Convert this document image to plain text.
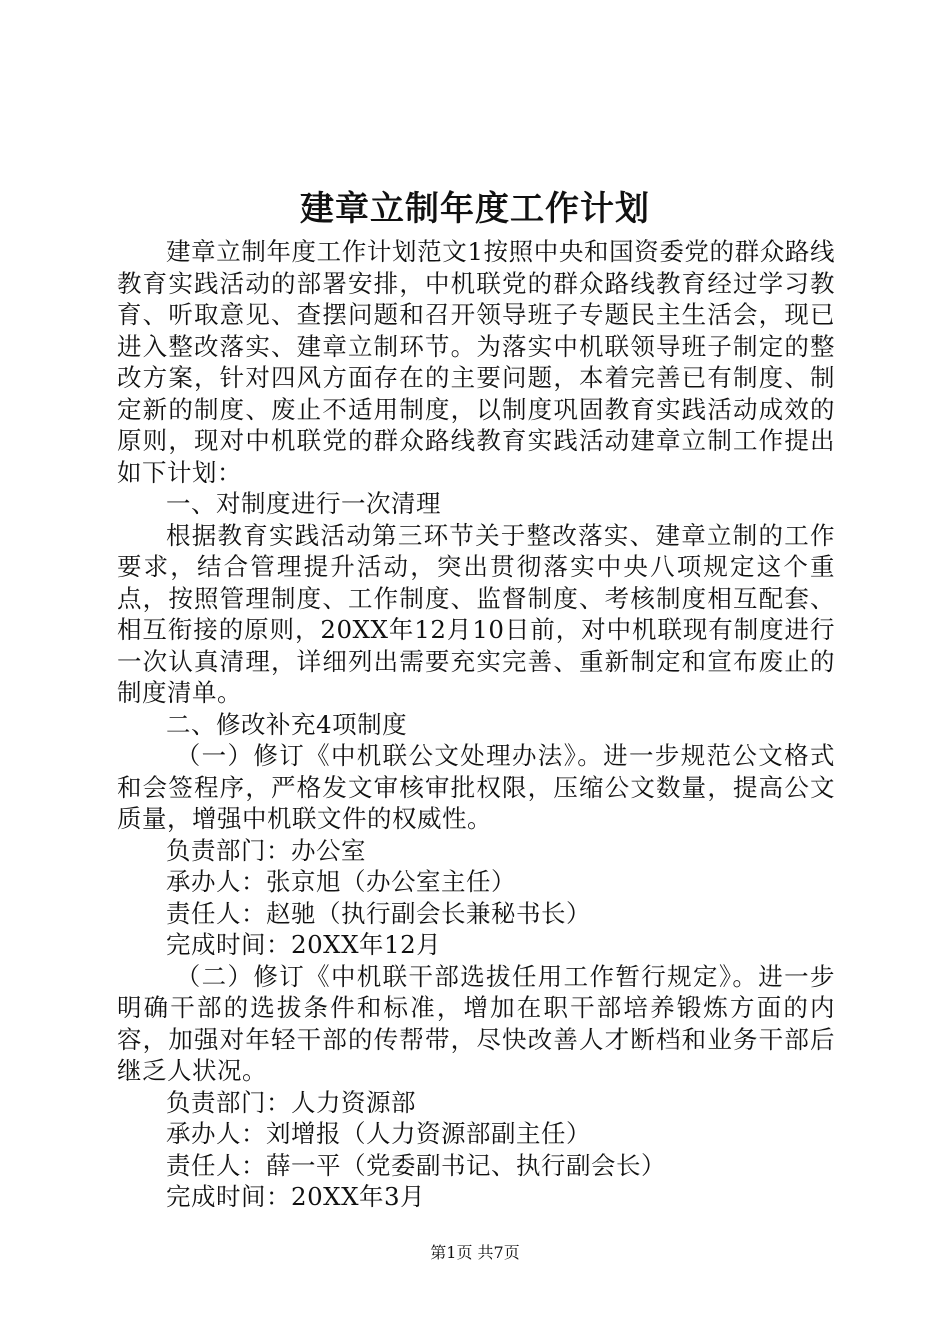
建章立制年度工作计划

建章立制年度工作计划范文1按照中央和国资委党的群众路线教育实践活动的部署安排，中机联党的群众路线教育经过学习教育、听取意见、查摆问题和召开领导班子专题民主生活会，现已进入整改落实、建章立制环节。为落实中机联领导班子制定的整改方案，针对四风方面存在的主要问题，本着完善已有制度、制定新的制度、废止不适用制度，以制度巩固教育实践活动成效的原则，现对中机联党的群众路线教育实践活动建章立制工作提出如下计划：

一、对制度进行一次清理

根据教育实践活动第三环节关于整改落实、建章立制的工作要求，结合管理提升活动，突出贯彻落实中央八项规定这个重点，按照管理制度、工作制度、监督制度、考核制度相互配套、相互衔接的原则，20XX年12月10日前，对中机联现有制度进行一次认真清理，详细列出需要充实完善、重新制定和宣布废止的制度清单。

二、修改补充4项制度

（一）修订《中机联公文处理办法》。进一步规范公文格式和会签程序，严格发文审核审批权限，压缩公文数量，提高公文质量，增强中机联文件的权威性。

负责部门：办公室

承办人：张京旭（办公室主任）

责任人：赵驰（执行副会长兼秘书长）

完成时间：20XX年12月

（二）修订《中机联干部选拔任用工作暂行规定》。进一步明确干部的选拔条件和标准，增加在职干部培养锻炼方面的内容，加强对年轻干部的传帮带，尽快改善人才断档和业务干部后继乏人状况。

负责部门：人力资源部

承办人：刘增报（人力资源部副主任）

责任人：薛一平（党委副书记、执行副会长）

完成时间：20XX年3月

第1页 共7页
